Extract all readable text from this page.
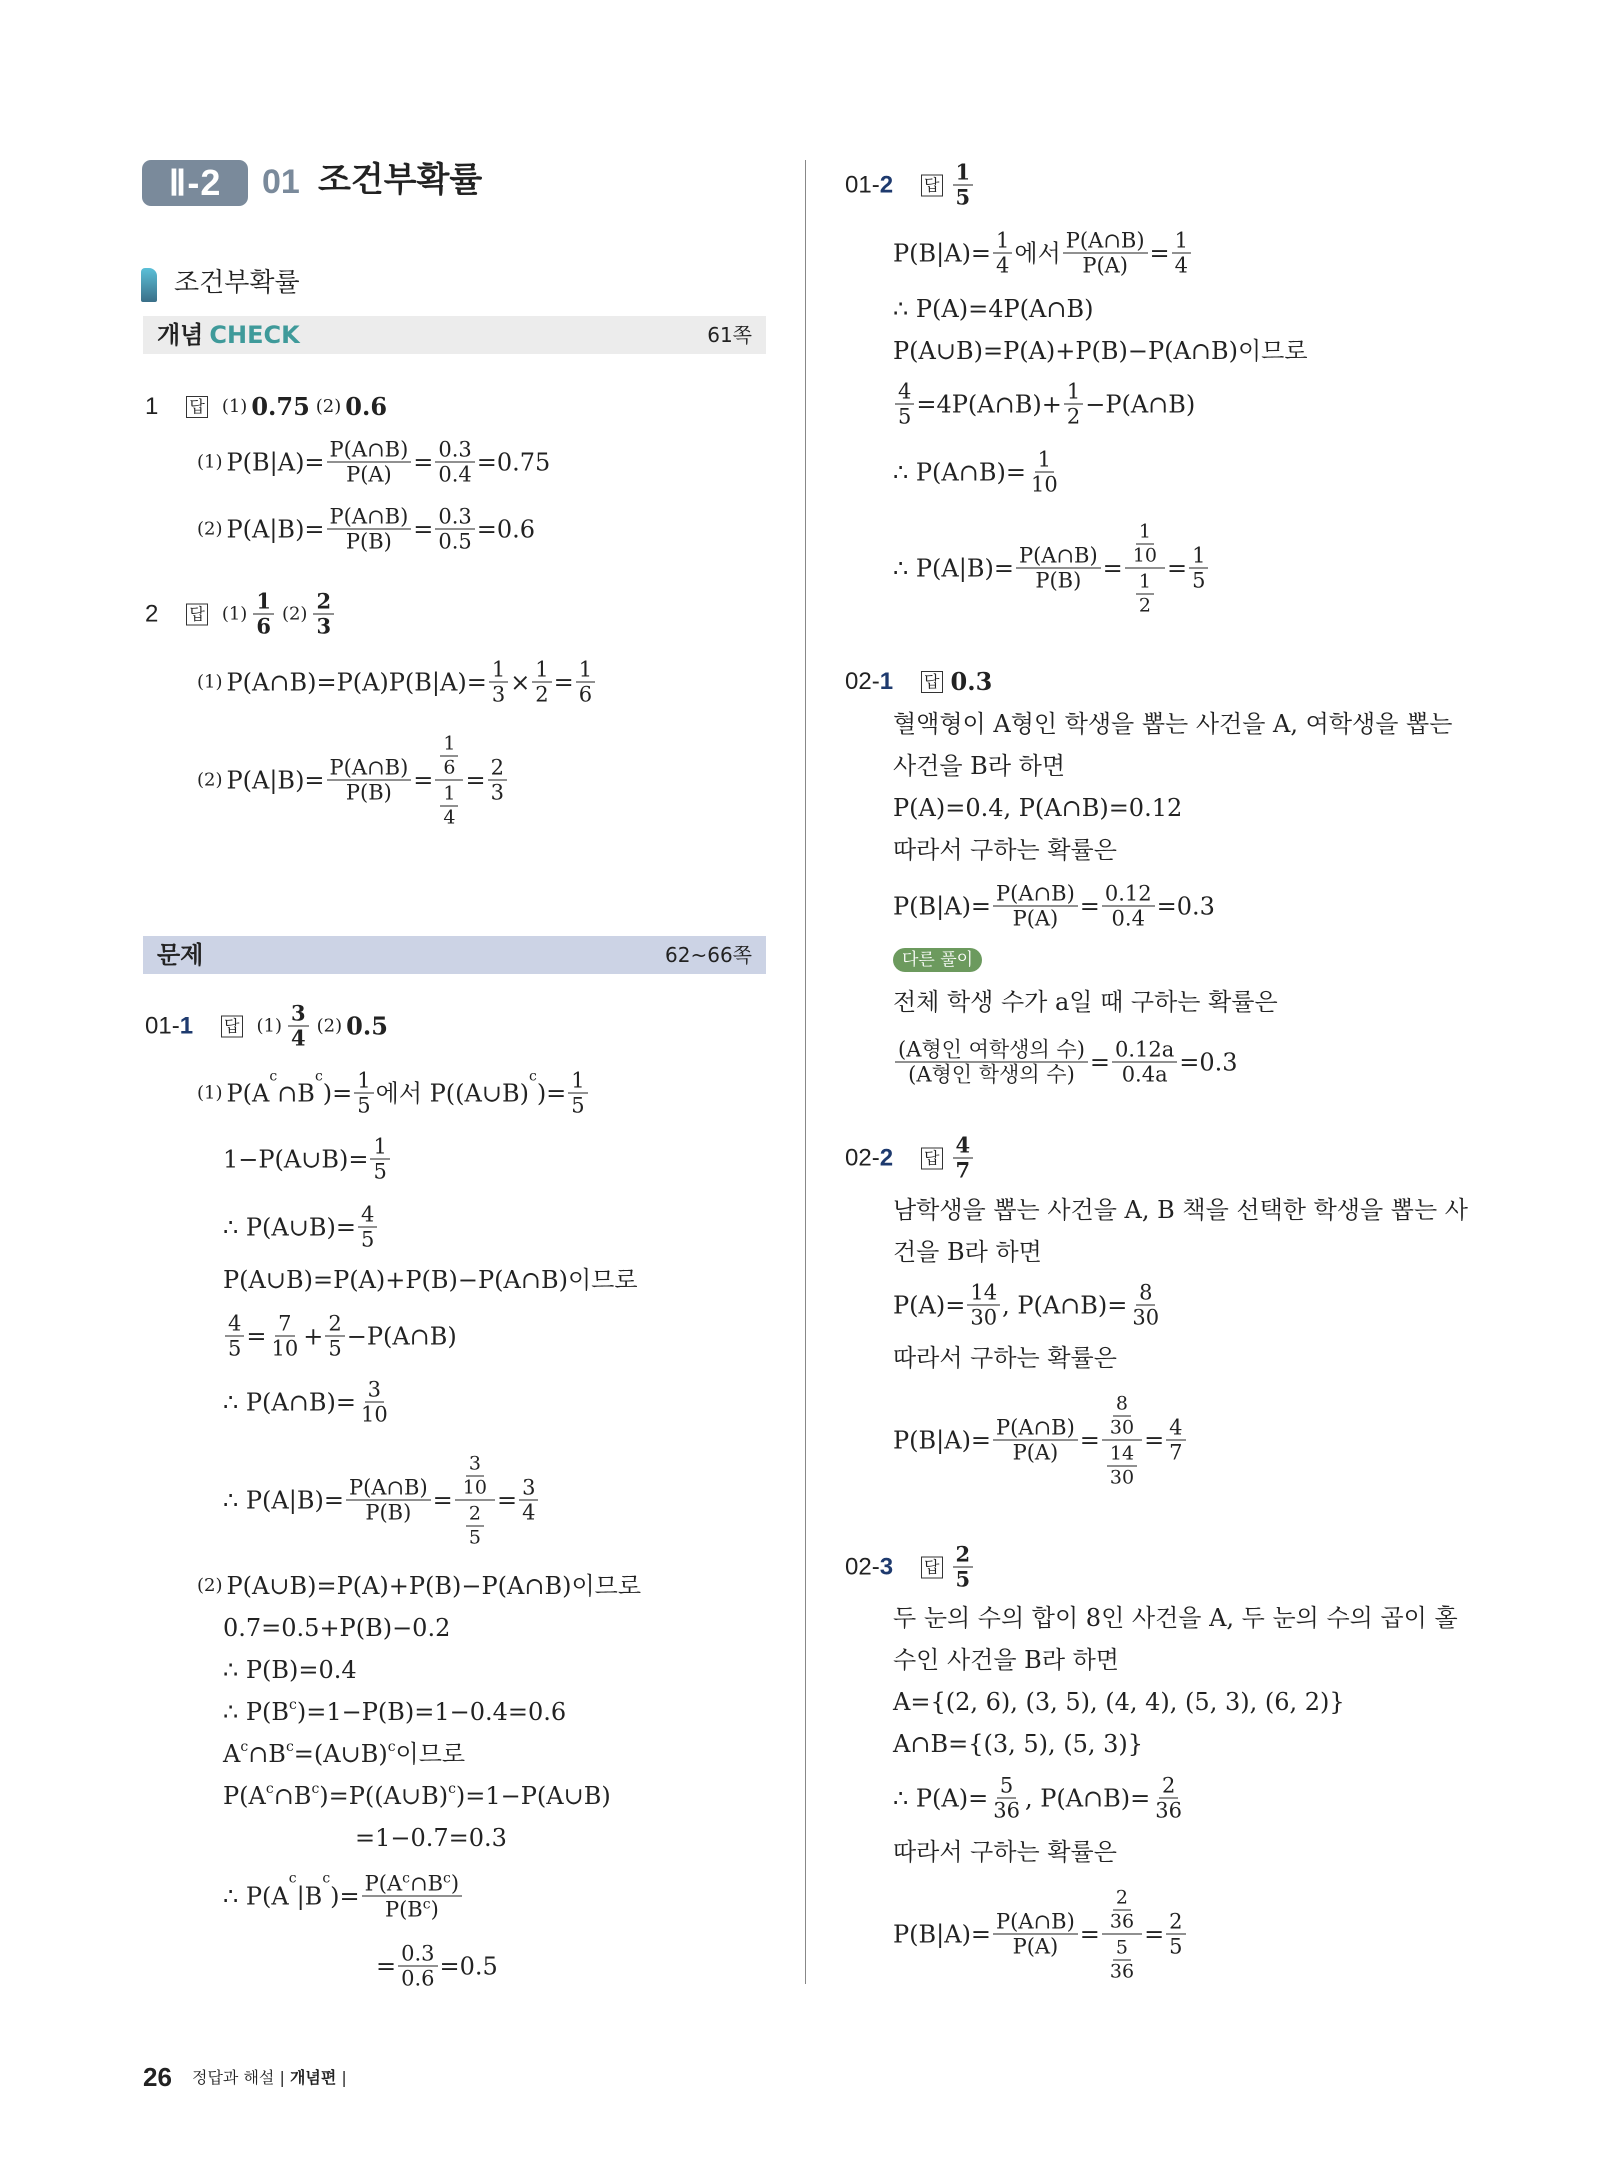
Ⅱ-2	01 조건부확률
조건부확률
개념 CHECK	61쪽
문제	62~66쪽
1 답 (1) 0.75 (2) 0.6
(1) $P(B|A)= \frac{P(A\cap B)}{P(A)} = \frac{0.3}{0.4} =0.75$
(2) $P(A|B)= \frac{P(A\cap B)}{P(B)} = \frac{0.3}{0.5} =0.6$
2 답 $(1) \frac{1}{6} (2) \frac{2}{3}$
(1) P(A∩B)=P(A)P(B|A)= $\frac{1}{3} \times \frac{1}{2} = \frac{1}{6}$
(2) $P(A|B)= \frac{P(A\cap B)}{P(B)} = \frac{\frac{1}{6}}{\frac{1}{4}} = \frac{2}{3}$
01- 1 답 $(1) \frac{3}{4} (2)$ 0.5
(1) P(A
c
∩B
c
)= $\frac{1}{5}$ 에서 P((A∪B)
c
)= $\frac{1}{5}$
1−P(A∪B)= $\frac{1}{5}$
∴ P(A∪B)= $\frac{4}{5}$
P(A∪B)=P(A)+P(B)−P(A∩B)이므로
$\frac{4}{5} = \frac{7}{10} + \frac{2}{5}$ −P(A∩B)
∴ P(A∩B)= $\frac{3}{10}$
∴ $P(A|B)= \frac{P(A\cap B)}{P(B)} = \frac{\frac{3}{10}}{\frac{2}{5}} = \frac{3}{4}$
(2) P(A∪B)=P(A)+P(B)−P(A∩B)이므로
0.7=0.5+P(B)−0.2
∴ P(B)=0.4
∴ P(B c )=1−P(B)=1−0.4=0.6
A c ∩B c =(A∪B) c 이므로
P(A c ∩B c )=P((A∪B) c )=1−P(A∪B)
=1−0.7=0.3
∴ P(A
c
|B
c
)= $\frac{P(A^c\cap B^c)}{P(B^c)}$
= $\frac{0.3}{0.6} =0.5$
01- 2 답 $\frac{1}{5}$
$P(B|A)= \frac{1}{4}$ 에서 $\frac{P(A\cap B)}{P(A)} = \frac{1}{4}$
∴ P(A)=4P(A∩B)
P(A∪B)=P(A)+P(B)−P(A∩B)이므로
$\frac{4}{5}$ =4P(A∩B)+ $\frac{1}{2}$ −P(A∩B)
∴ P(A∩B)= $\frac{1}{10}$
∴ $P(A|B)= \frac{P(A\cap B)}{P(B)} = \frac{\frac{1}{10}}{\frac{1}{2}} = \frac{1}{5}$
02- 1 답 0.3
혈액형이 A형인 학생을 뽑는 사건을 A, 여학생을 뽑는
사건을 B라 하면
P(A)=0.4, P(A∩B)=0.12
따라서 구하는 확률은
$P(B|A)= \frac{P(A\cap B)}{P(A)} = \frac{0.12}{0.4} =0.3$
다른 풀이
전체 학생 수가 a일 때 구하는 확률은
$\frac{\text{(A형인 여학생의 수)}}{\text{(A형인 학생의 수)}} = \frac{0.12a}{0.4a} =0.3$
02- 2 답 $\frac{4}{7}$
남학생을 뽑는 사건을 A, B 책을 선택한 학생을 뽑는 사
건을 B라 하면
$P(A)= \frac{14}{30}$ , P(A∩B)= $\frac{8}{30}$
따라서 구하는 확률은
$P(B|A)= \frac{P(A\cap B)}{P(A)} = \frac{\frac{8}{30}}{\frac{14}{30}} = \frac{4}{7}$
02- 3 답 $\frac{2}{5}$
두 눈의 수의 합이 8인 사건을 A, 두 눈의 수의 곱이 홀
수인 사건을 B라 하면
A={(2, 6), (3, 5), (4, 4), (5, 3), (6, 2)}
A∩B={(3, 5), (5, 3)}
∴ $P(A)= \frac{5}{36}$ , P(A∩B)= $\frac{2}{36}$
따라서 구하는 확률은
$P(B|A)= \frac{P(A\cap B)}{P(A)} = \frac{\frac{2}{36}}{\frac{5}{36}} = \frac{2}{5}$
26 정답과 해설 | 개념편 |
